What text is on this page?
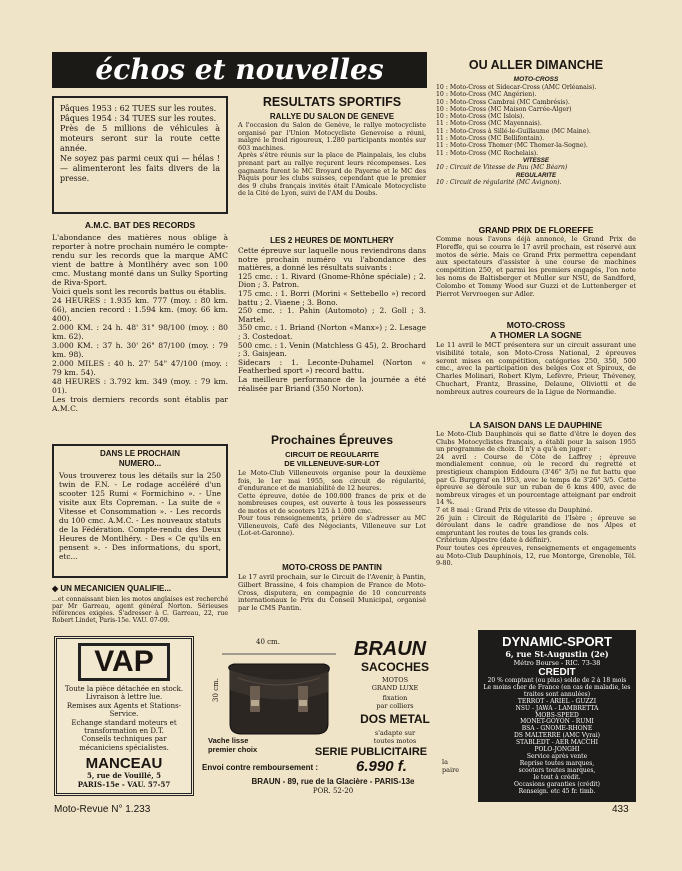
échos et nouvelles
Pâques 1953 : 62 TUES sur les routes.
Pâques 1954 : 34 TUES sur les routes.
Près de 5 millions de véhicules à moteurs seront sur la route cette année.
Ne soyez pas parmi ceux qui — hélas ! — alimenteront les faits divers de la presse.
A.M.C. BAT DES RECORDS
L'abondance des matières nous oblige à reporter à notre prochain numéro le compte-rendu sur les records que la marque AMC vient de battre à Montlhéry avec son 100 cmc. Mustang monté dans un Sulky Sporting de Riva-Sport.
Voici quels sont les records battus ou établis.
24 HEURES : 1.935 km. 777 (moy. : 80 km. 66), ancien record : 1.594 km. (moy. 66 km. 400).
2.000 KM. : 24 h. 48' 31" 98/100 (moy. : 80 km. 62).
3.000 KM. : 37 h. 30' 26" 87/100 (moy. : 79 km. 98).
2.000 MILES : 40 h. 27' 54" 47/100 (moy. : 79 km. 54).
48 HEURES : 3.792 km. 349 (moy. : 79 km. 01).
Les trois derniers records sont établis par A.M.C.
DANS LE PROCHAIN
NUMERO...
Vous trouverez tous les détails sur la 250 twin de F.N. - Le rodage accéléré d'un scooter 125 Rumi « Formichino ». - Une visite aux Ets Copreman. - La suite de « Vitesse et Consommation ». - Les records du 100 cmc. A.M.C. - Les nouveaux statuts de la Fédération. Compte-rendu des Deux Heures de Montlhéry. - Des « Ce qu'ils en pensent ». - Des informations, du sport, etc...
◆ UN MECANICIEN QUALIFIE...
...et connaissant bien les motos anglaises est recherché par Mr Garreau, agent général Norton. Sérieuses références exigées. S'adresser à C. Garreau, 22, rue Robert Lindet, Paris-15e. VAU. 07-09.
RESULTATS SPORTIFS
RALLYE DU SALON DE GENEVE
A l'occasion du Salon de Genève, le rallye motocycliste organisé par l'Union Motocycliste Genevoise a réuni, malgré le froid rigoureux, 1.280 participants montés sur 603 machines.
Après s'être réunis sur la place de Plainpalais, les clubs prenant part au rallye reçurent leurs récompenses. Les gagnants furent le MC Broyard de Payerne et le MC des Pâquis pour les clubs suisses, cependant que le premier des 9 clubs français invités était l'Amicale Motocycliste de la Cité de Lyon, suivi de l'AM du Doubs.
LES 2 HEURES DE MONTLHERY
Cette épreuve sur laquelle nous reviendrons dans notre prochain numéro vu l'abondance des matières, a donné les résultats suivants :
125 cmc. : 1. Rivard (Gnome-Rhône spéciale) ; 2. Dion ; 3. Patron.
175 cmc. : 1. Borri (Morini « Settebello ») record battu ; 2. Viaene ; 3. Bono.
250 cmc. : 1. Pahin (Automoto) ; 2. Goll ; 3. Martel.
350 cmc. : 1. Briand (Norton «Manx») ; 2. Lesage ; 3. Costedoat.
500 cmc. : 1. Venin (Matchless G 45), 2. Brochard ; 3. Gaisjean.
Sidecars : 1. Leconte-Duhamel (Norton « Featherbed sport ») record battu.
La meilleure performance de la journée a été réalisée par Briand (350 Norton).
Prochaines Épreuves
CIRCUIT DE REGULARITE
DE VILLENEUVE-SUR-LOT
Le Moto-Club Villeneuvois organise pour la deuxième fois, le 1er mai 1955, son circuit de régularité, d'endurance et de maniabilité de 12 heures.
Cette épreuve, dotée de 100.000 francs de prix et de nombreuses coupes, est ouverte à tous les possesseurs de motos et de scooters 125 à 1.000 cmc.
Pour tous renseignements, prière de s'adresser au MC Villeneuvois, Café des Négociants, Villeneuve sur Lot (Lot-et-Garonne).
MOTO-CROSS DE PANTIN
Le 17 avril prochain, sur le Circuit de l'Avenir, à Pantin, Gilbert Brassine, 4 fois champion de France de Moto-Cross, disputera, en compagnie de 10 concurrents internationaux le Prix du Conseil Municipal, organisé par le CMS Pantin.
OU ALLER DIMANCHE
MOTO-CROSS
10 : Moto-Cross et Sidecar-Cross (AMC Orléanais).
10 : Moto-Cross (MC Angérien).
10 : Moto-Cross Cambrai (MC Cambrésis).
10 : Moto-Cross (MC Maison Carrée-Alger)
10 : Moto-Cross (MC Islois).
11 : Moto-Cross (MC Mayennais).
11 : Moto-Cross à Sillé-le-Guillaume (MC Maine).
11 : Moto-Cross (MC Bellifontain).
11 : Moto-Cross Thomer (MC Thomer-la-Sogne).
11 : Moto-Cross (MC Rochelais).
VITESSE
10 : Circuit de Vitesse de Pau (MC Béarn)
REGULARITE
10 : Circuit de régularité (MC Avignon).
GRAND PRIX DE FLOREFFE
Comme nous l'avons déjà annoncé, le Grand Prix de Floreffe, qui se courra le 17 avril prochain, est réservé aux motos de série. Mais ce Grand Prix permettra cependant aux spectateurs d'assister à une course de machines compétition 250, et parmi les premiers engagés, l'on note les noms de Baltisberger et Muller sur NSU, de Sandford, Colombo et Tommy Wood sur Guzzi et de Luttenberger et Pierrot Vervroegen sur Adler.
MOTO-CROSS
A THOMER LA SOGNE
Le 11 avril le MCT présentera sur un circuit assurant une visibilité totale, son Moto-Cross National, 2 épreuves seront mises en compétition, catégories 250, 350, 500 cmc., avec la participation des belges Cox et Spiroux, de Charles Molinari, Robert Klym, Lefèvre, Prieur, Théveney, Chuchart, Frantz, Brassine, Delaune, Oliviotti et de nombreux autres coureurs de la Ligue de Normandie.
LA SAISON DANS LE DAUPHINE
Le Moto-Club Dauphinois qui se flatte d'être le doyen des Clubs Motocyclistes français, a établi pour la saison 1955 un programme de choix. Il n'y a qu'à en juger :
24 avril : Course de Côte de Laffrey ; épreuve mondialement connue, où le record du regretté et prestigieux champion Eddoura (3'46" 3/5) ne fut battu que par G. Burggraf en 1953, avec le temps de 3'26" 3/5. Cette épreuve se déroule sur un ruban de 6 kms 400, avec de nombreux virages et un pourcentage atteignant par endroit 14 %.
7 et 8 mai : Grand Prix de vitesse du Dauphiné.
26 juin : Circuit de Régularité de l'Isère ; épreuve se déroulant dans le cadre grandiose de nos Alpes et empruntant les routes de tous les grands cols.
Critérium Alpestre (date à définir).
Pour toutes ces épreuves, renseignements et engagements au Moto-Club Dauphinois, 12, rue Montorge, Grenoble, Tél. 9-80.
VAP
Toute la pièce détachée en stock.
Livraison à lettre lue.
Remises aux Agents et Stations-Service.
Echange standard moteurs et transformation en D.T.
Conseils techniques par mécaniciens spécialistes.
MANCEAU
5, rue de Vouillé, 5
PARIS-15e - VAU. 57-57
40 cm.
30 cm.
Vache lisse
premier choix
BRAUN
SACOCHES
MOTOS
GRAND LUXE
fixation
par colliers
DOS METAL
s'adapte sur
toutes motos
SERIE PUBLICITAIRE
Envoi contre remboursement :	6.990 f.	la
paire
BRAUN - 89, rue de la Glacière - PARIS-13e
POR. 52-20
DYNAMIC-SPORT
6, rue St-Augustin (2e)
Métro Bourse - RIC. 73-38
CREDIT
20 % comptant (ou plus) solde de 2 à 18 mois
Le moins cher de France (en cas de maladie, les traites sont annulées)
TERROT - ARIEL - GUZZI
NSU - JAWA - LAMBRETTA
MOBS-SPEED
MONET-GOYON - RUMI
BSA - GNOME-RHONE
DS MALTERRE (AMC Vyrai)
STABLEDT - AER MACCHI
POLO-JONGHI
Service après vente
Reprise toutes marques,
scooters toutes marques,
le tout à crédit.
Occasions garanties (crédit)
Renseign. etc 45 fr. timb.
Moto-Revue N° 1.233	433
